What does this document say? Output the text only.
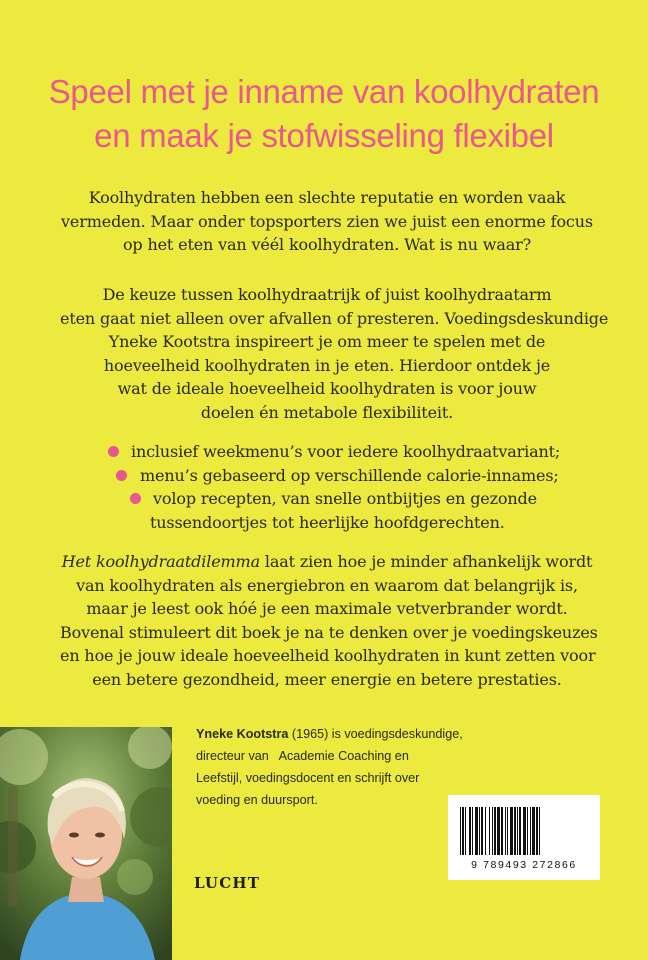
Speel met je inname van koolhydraten
en maak je stofwisseling flexibel
Koolhydraten hebben een slechte reputatie en worden vaak
vermeden. Maar onder topsporters zien we juist een enorme focus
op het eten van véél koolhydraten. Wat is nu waar?
De keuze tussen koolhydraatrijk of juist koolhydraatarm
eten gaat niet alleen over afvallen of presteren. Voedingsdeskundige
Yneke Kootstra inspireert je om meer te spelen met de
hoeveelheid koolhydraten in je eten. Hierdoor ontdek je
wat de ideale hoeveelheid koolhydraten is voor jouw
doelen én metabole flexibiliteit.
inclusief weekmenu’s voor iedere koolhydraatvariant;
menu’s gebaseerd op verschillende calorie-innames;
volop recepten, van snelle ontbijtjes en gezonde
tussendoortjes tot heerlijke hoofdgerechten.
Het koolhydraatdilemma laat zien hoe je minder afhankelijk wordt
van koolhydraten als energiebron en waarom dat belangrijk is,
maar je leest ook hóé je een maximale vetverbrander wordt.
Bovenal stimuleert dit boek je na te denken over je voedingskeuzes
en hoe je jouw ideale hoeveelheid koolhydraten in kunt zetten voor
een betere gezondheid, meer energie en betere prestaties.
Yneke Kootstra (1965) is voedingsdeskundige,
directeur van   Academie Coaching en
Leefstijl, voedingsdocent en schrijft over
voeding en duursport.
LUCHT
9 789493 272866
